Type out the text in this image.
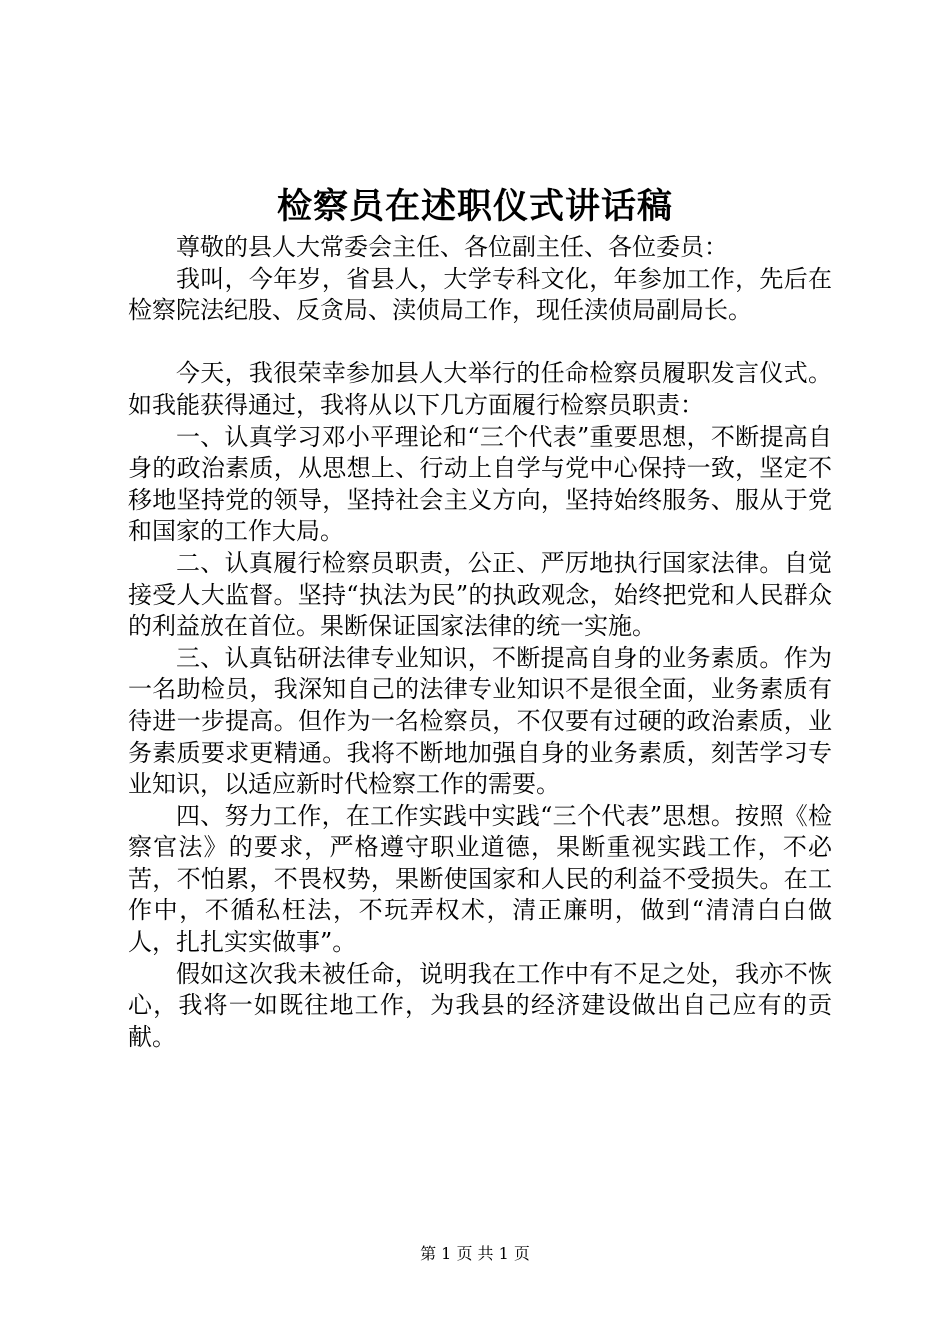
检察员在述职仪式讲话稿

尊敬的县人大常委会主任、各位副主任、各位委员：

我叫，今年岁，省县人，大学专科文化，年参加工作，先后在检察院法纪股、反贪局、渎侦局工作，现任渎侦局副局长。

今天，我很荣幸参加县人大举行的任命检察员履职发言仪式。如我能获得通过，我将从以下几方面履行检察员职责：

一、认真学习邓小平理论和“三个代表”重要思想，不断提高自身的政治素质，从思想上、行动上自学与党中心保持一致，坚定不移地坚持党的领导，坚持社会主义方向，坚持始终服务、服从于党和国家的工作大局。

二、认真履行检察员职责，公正、严厉地执行国家法律。自觉接受人大监督。坚持“执法为民”的执政观念，始终把党和人民群众的利益放在首位。果断保证国家法律的统一实施。

三、认真钻研法律专业知识，不断提高自身的业务素质。作为一名助检员，我深知自己的法律专业知识不是很全面，业务素质有待进一步提高。但作为一名检察员，不仅要有过硬的政治素质，业务素质要求更精通。我将不断地加强自身的业务素质，刻苦学习专业知识，以适应新时代检察工作的需要。

四、努力工作，在工作实践中实践“三个代表”思想。按照《检察官法》的要求，严格遵守职业道德，果断重视实践工作，不必苦，不怕累，不畏权势，果断使国家和人民的利益不受损失。在工作中，不循私枉法，不玩弄权术，清正廉明，做到“清清白白做人，扎扎实实做事”。

假如这次我未被任命，说明我在工作中有不足之处，我亦不恢心，我将一如既往地工作，为我县的经济建设做出自己应有的贡献。

第 1 页 共 1 页
